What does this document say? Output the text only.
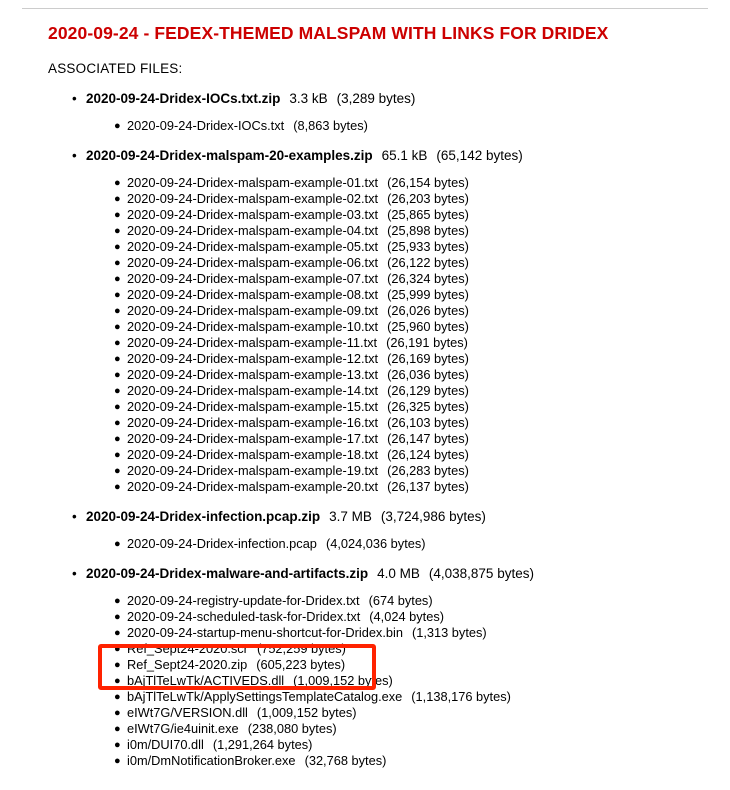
2020-09-24 - FEDEX-THEMED MALSPAM WITH LINKS FOR DRIDEX
ASSOCIATED FILES:
• 2020-09-24-Dridex-IOCs.txt.zip 3.3 kB (3,289 bytes)
● 2020-09-24-Dridex-IOCs.txt (8,863 bytes)
• 2020-09-24-Dridex-malspam-20-examples.zip 65.1 kB (65,142 bytes)
● 2020-09-24-Dridex-malspam-example-01.txt (26,154 bytes)
● 2020-09-24-Dridex-malspam-example-02.txt (26,203 bytes)
● 2020-09-24-Dridex-malspam-example-03.txt (25,865 bytes)
● 2020-09-24-Dridex-malspam-example-04.txt (25,898 bytes)
● 2020-09-24-Dridex-malspam-example-05.txt (25,933 bytes)
● 2020-09-24-Dridex-malspam-example-06.txt (26,122 bytes)
● 2020-09-24-Dridex-malspam-example-07.txt (26,324 bytes)
● 2020-09-24-Dridex-malspam-example-08.txt (25,999 bytes)
● 2020-09-24-Dridex-malspam-example-09.txt (26,026 bytes)
● 2020-09-24-Dridex-malspam-example-10.txt (25,960 bytes)
● 2020-09-24-Dridex-malspam-example-11.txt (26,191 bytes)
● 2020-09-24-Dridex-malspam-example-12.txt (26,169 bytes)
● 2020-09-24-Dridex-malspam-example-13.txt (26,036 bytes)
● 2020-09-24-Dridex-malspam-example-14.txt (26,129 bytes)
● 2020-09-24-Dridex-malspam-example-15.txt (26,325 bytes)
● 2020-09-24-Dridex-malspam-example-16.txt (26,103 bytes)
● 2020-09-24-Dridex-malspam-example-17.txt (26,147 bytes)
● 2020-09-24-Dridex-malspam-example-18.txt (26,124 bytes)
● 2020-09-24-Dridex-malspam-example-19.txt (26,283 bytes)
● 2020-09-24-Dridex-malspam-example-20.txt (26,137 bytes)
• 2020-09-24-Dridex-infection.pcap.zip 3.7 MB (3,724,986 bytes)
● 2020-09-24-Dridex-infection.pcap (4,024,036 bytes)
• 2020-09-24-Dridex-malware-and-artifacts.zip 4.0 MB (4,038,875 bytes)
● 2020-09-24-registry-update-for-Dridex.txt (674 bytes)
● 2020-09-24-scheduled-task-for-Dridex.txt (4,024 bytes)
● 2020-09-24-startup-menu-shortcut-for-Dridex.bin (1,313 bytes)
● Ref_Sept24-2020.scr (752,259 bytes)
● Ref_Sept24-2020.zip (605,223 bytes)
● bAjTlTeLwTk/ACTIVEDS.dll (1,009,152 bytes)
● bAjTlTeLwTk/ApplySettingsTemplateCatalog.exe (1,138,176 bytes)
● eIWt7G/VERSION.dll (1,009,152 bytes)
● eIWt7G/ie4uinit.exe (238,080 bytes)
● i0m/DUI70.dll (1,291,264 bytes)
● i0m/DmNotificationBroker.exe (32,768 bytes)
